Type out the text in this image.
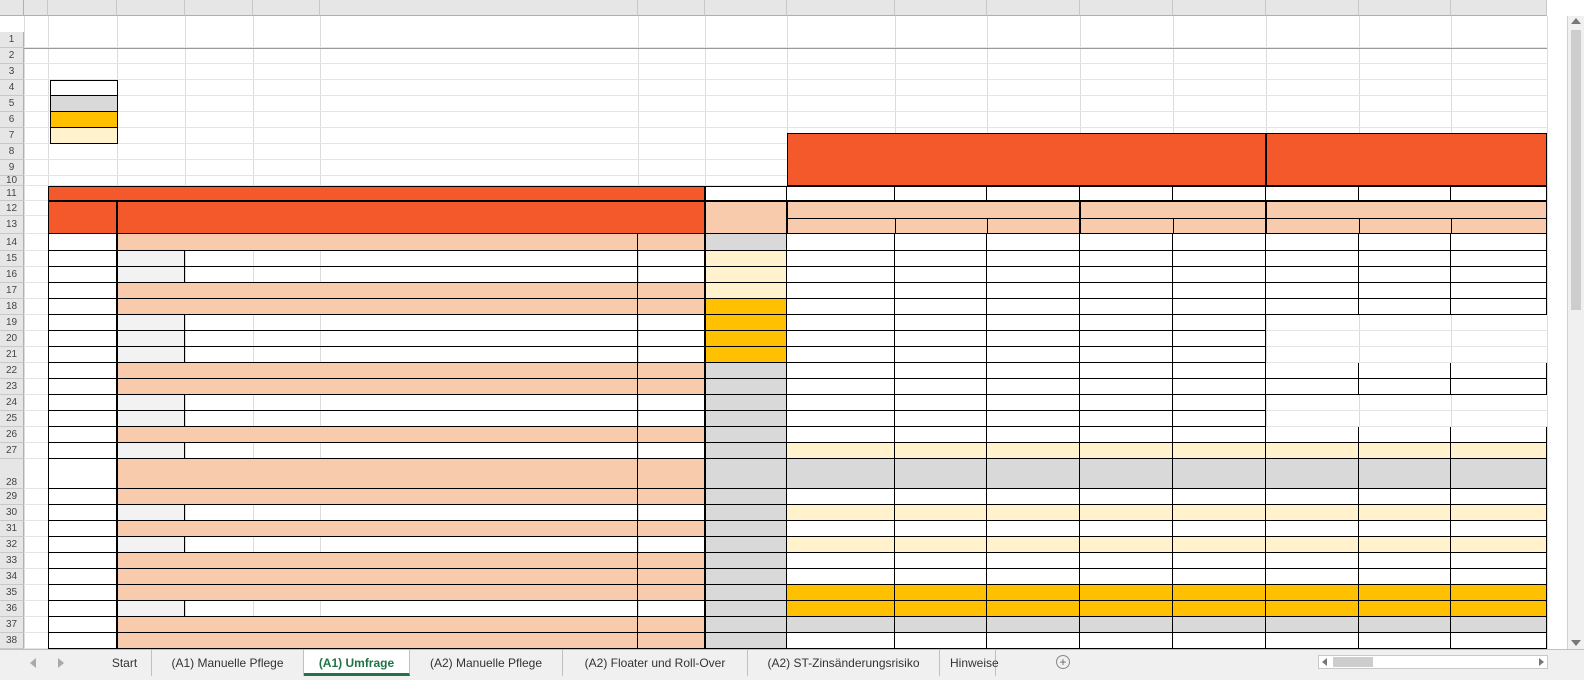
1
2
3
4
5
6
7
8
9
10
11
12
13
14
15
16
17
18
19
20
21
22
23
24
25
26
27
28
29
30
31
32
33
34
35
36
37
38
Start	(A1) Manuelle Pflege	(A1) Umfrage	(A2) Manuelle Pflege	(A2) Floater und Roll-Over	(A2) ST-Zinsänderungsrisiko	Hinweise	+
